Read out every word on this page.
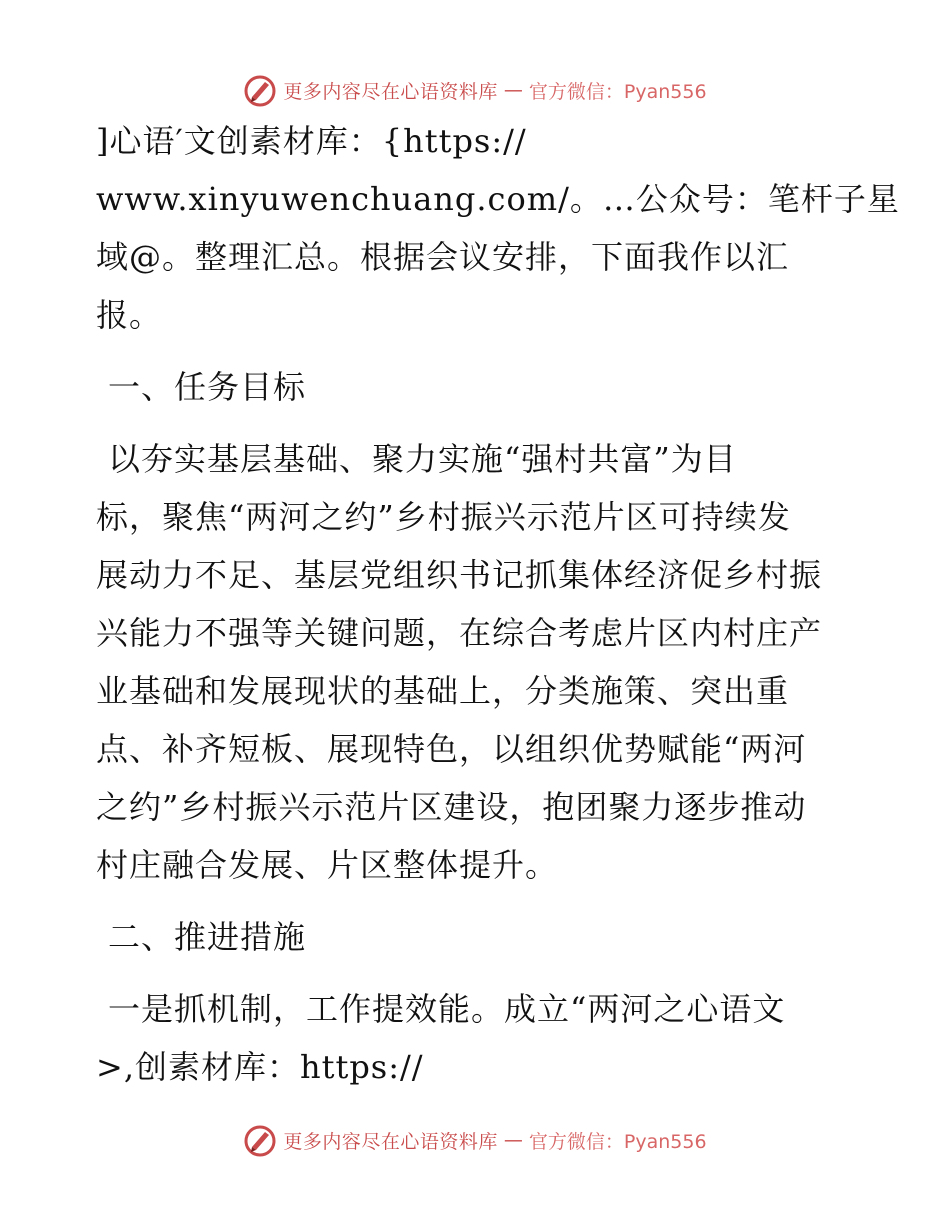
更多内容尽在心语资料库 — 官方微信：Pyan556
]心语′文创素材库：{https://
www.xinyuwenchuang.com/。…公众号：笔杆子星
域@。整理汇总。根据会议安排，下面我作以汇
报。
一、任务目标
以夯实基层基础、聚力实施“强村共富”为目
标，聚焦“两河之约”乡村振兴示范片区可持续发
展动力不足、基层党组织书记抓集体经济促乡村振
兴能力不强等关键问题，在综合考虑片区内村庄产
业基础和发展现状的基础上，分类施策、突出重
点、补齐短板、展现特色，以组织优势赋能“两河
之约”乡村振兴示范片区建设，抱团聚力逐步推动
村庄融合发展、片区整体提升。
二、推进措施
一是抓机制，工作提效能。成立“两河之心语文
>,创素材库：https://
更多内容尽在心语资料库 — 官方微信：Pyan556
